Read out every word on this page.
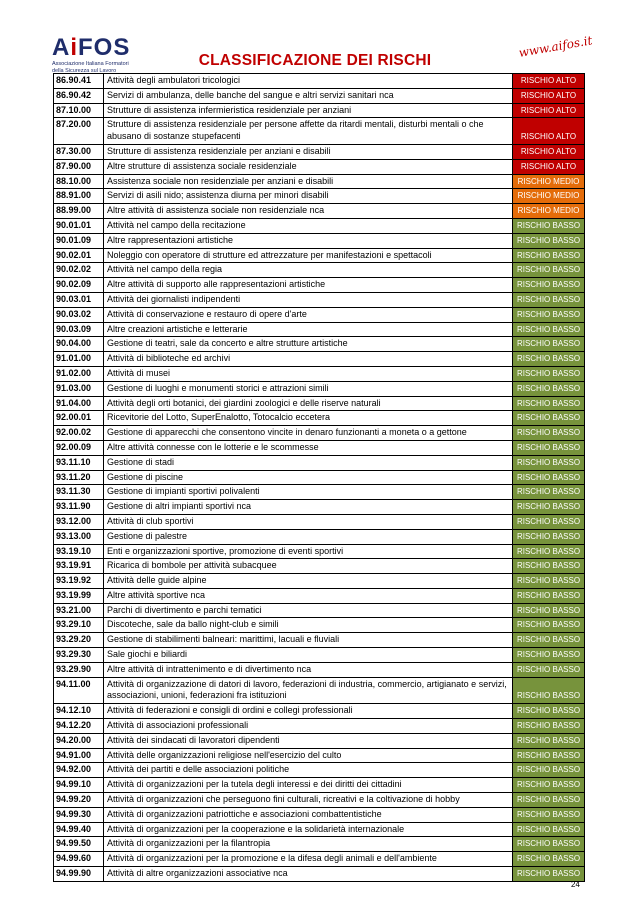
AiFOS
Associazione Italiana Formatori
della Sicurezza sul Lavoro
CLASSIFICAZIONE DEI RISCHI
www.aifos.it
86.90.41	Attività degli ambulatori tricologici	RISCHIO ALTO
86.90.42	Servizi di ambulanza, delle banche del sangue e altri servizi sanitari nca	RISCHIO ALTO
87.10.00	Strutture di assistenza infermieristica residenziale per anziani	RISCHIO ALTO
87.20.00	Strutture di assistenza residenziale per persone affette da ritardi mentali, disturbi mentali o che abusano di sostanze stupefacenti	RISCHIO ALTO
87.30.00	Strutture di assistenza residenziale per anziani e disabili	RISCHIO ALTO
87.90.00	Altre strutture di assistenza sociale residenziale	RISCHIO ALTO
88.10.00	Assistenza sociale non residenziale per anziani e disabili	RISCHIO MEDIO
88.91.00	Servizi di asili nido; assistenza diurna per minori disabili	RISCHIO MEDIO
88.99.00	Altre attività di assistenza sociale non residenziale nca	RISCHIO MEDIO
90.01.01	Attività nel campo della recitazione	RISCHIO BASSO
90.01.09	Altre rappresentazioni artistiche	RISCHIO BASSO
90.02.01	Noleggio con operatore di strutture ed attrezzature per manifestazioni e spettacoli	RISCHIO BASSO
90.02.02	Attività nel campo della regia	RISCHIO BASSO
90.02.09	Altre attività di supporto alle rappresentazioni artistiche	RISCHIO BASSO
90.03.01	Attività dei giornalisti indipendenti	RISCHIO BASSO
90.03.02	Attività di conservazione e restauro di opere d'arte	RISCHIO BASSO
90.03.09	Altre creazioni artistiche e letterarie	RISCHIO BASSO
90.04.00	Gestione di teatri, sale da concerto e altre strutture artistiche	RISCHIO BASSO
91.01.00	Attività di biblioteche ed archivi	RISCHIO BASSO
91.02.00	Attività di musei	RISCHIO BASSO
91.03.00	Gestione di luoghi e monumenti storici e attrazioni simili	RISCHIO BASSO
91.04.00	Attività degli orti botanici, dei giardini zoologici e delle riserve naturali	RISCHIO BASSO
92.00.01	Ricevitorie del Lotto, SuperEnalotto, Totocalcio eccetera	RISCHIO BASSO
92.00.02	Gestione di apparecchi che consentono vincite in denaro funzionanti a moneta o a gettone	RISCHIO BASSO
92.00.09	Altre attività connesse con le lotterie e le scommesse	RISCHIO BASSO
93.11.10	Gestione di stadi	RISCHIO BASSO
93.11.20	Gestione di piscine	RISCHIO BASSO
93.11.30	Gestione di impianti sportivi polivalenti	RISCHIO BASSO
93.11.90	Gestione di altri impianti sportivi nca	RISCHIO BASSO
93.12.00	Attività di club sportivi	RISCHIO BASSO
93.13.00	Gestione di palestre	RISCHIO BASSO
93.19.10	Enti e organizzazioni sportive, promozione di eventi sportivi	RISCHIO BASSO
93.19.91	Ricarica di bombole per attività subacquee	RISCHIO BASSO
93.19.92	Attività delle guide alpine	RISCHIO BASSO
93.19.99	Altre attività sportive nca	RISCHIO BASSO
93.21.00	Parchi di divertimento e parchi tematici	RISCHIO BASSO
93.29.10	Discoteche, sale da ballo night-club e simili	RISCHIO BASSO
93.29.20	Gestione di stabilimenti balneari: marittimi, lacuali e fluviali	RISCHIO BASSO
93.29.30	Sale giochi e biliardi	RISCHIO BASSO
93.29.90	Altre attività di intrattenimento e di divertimento nca	RISCHIO BASSO
94.11.00	Attività di organizzazione di datori di lavoro, federazioni di industria, commercio, artigianato e servizi, associazioni, unioni, federazioni fra istituzioni	RISCHIO BASSO
94.12.10	Attività di federazioni e consigli di ordini e collegi professionali	RISCHIO BASSO
94.12.20	Attività di associazioni professionali	RISCHIO BASSO
94.20.00	Attività dei sindacati di lavoratori dipendenti	RISCHIO BASSO
94.91.00	Attività delle organizzazioni religiose nell'esercizio del culto	RISCHIO BASSO
94.92.00	Attività dei partiti e delle associazioni politiche	RISCHIO BASSO
94.99.10	Attività di organizzazioni per la tutela degli interessi e dei diritti dei cittadini	RISCHIO BASSO
94.99.20	Attività di organizzazioni che perseguono fini culturali, ricreativi e la coltivazione di hobby	RISCHIO BASSO
94.99.30	Attività di organizzazioni patriottiche e associazioni combattentistiche	RISCHIO BASSO
94.99.40	Attività di organizzazioni per la cooperazione e la solidarietà internazionale	RISCHIO BASSO
94.99.50	Attività di organizzazioni per la filantropia	RISCHIO BASSO
94.99.60	Attività di organizzazioni per la promozione e la difesa degli animali e dell'ambiente	RISCHIO BASSO
94.99.90	Attività di altre organizzazioni associative nca	RISCHIO BASSO
24
